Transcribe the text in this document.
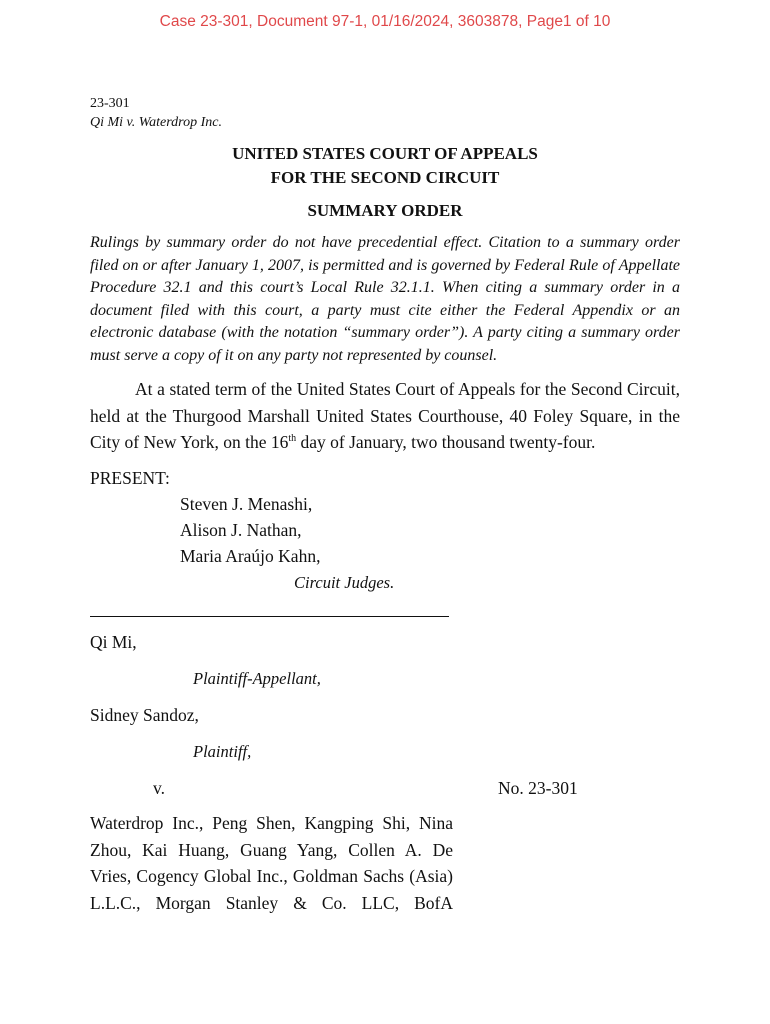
Case 23-301, Document 97-1, 01/16/2024, 3603878, Page1 of 10
23-301
Qi Mi v. Waterdrop Inc.
UNITED STATES COURT OF APPEALS
FOR THE SECOND CIRCUIT
SUMMARY ORDER
Rulings by summary order do not have precedential effect. Citation to a summary order filed on or after January 1, 2007, is permitted and is governed by Federal Rule of Appellate Procedure 32.1 and this court’s Local Rule 32.1.1. When citing a summary order in a document filed with this court, a party must cite either the Federal Appendix or an electronic database (with the notation “summary order”). A party citing a summary order must serve a copy of it on any party not represented by counsel.
At a stated term of the United States Court of Appeals for the Second Circuit, held at the Thurgood Marshall United States Courthouse, 40 Foley Square, in the City of New York, on the 16th day of January, two thousand twenty-four.
PRESENT:
Steven J. Menashi,
Alison J. Nathan,
Maria Araújo Kahn,
Circuit Judges.
Qi Mi,
Plaintiff-Appellant,
Sidney Sandoz,
Plaintiff,
v.	No. 23-301
Waterdrop Inc., Peng Shen, Kangping Shi, Nina Zhou, Kai Huang, Guang Yang, Collen A. De Vries, Cogency Global Inc., Goldman Sachs (Asia) L.L.C., Morgan Stanley & Co. LLC, BofA
